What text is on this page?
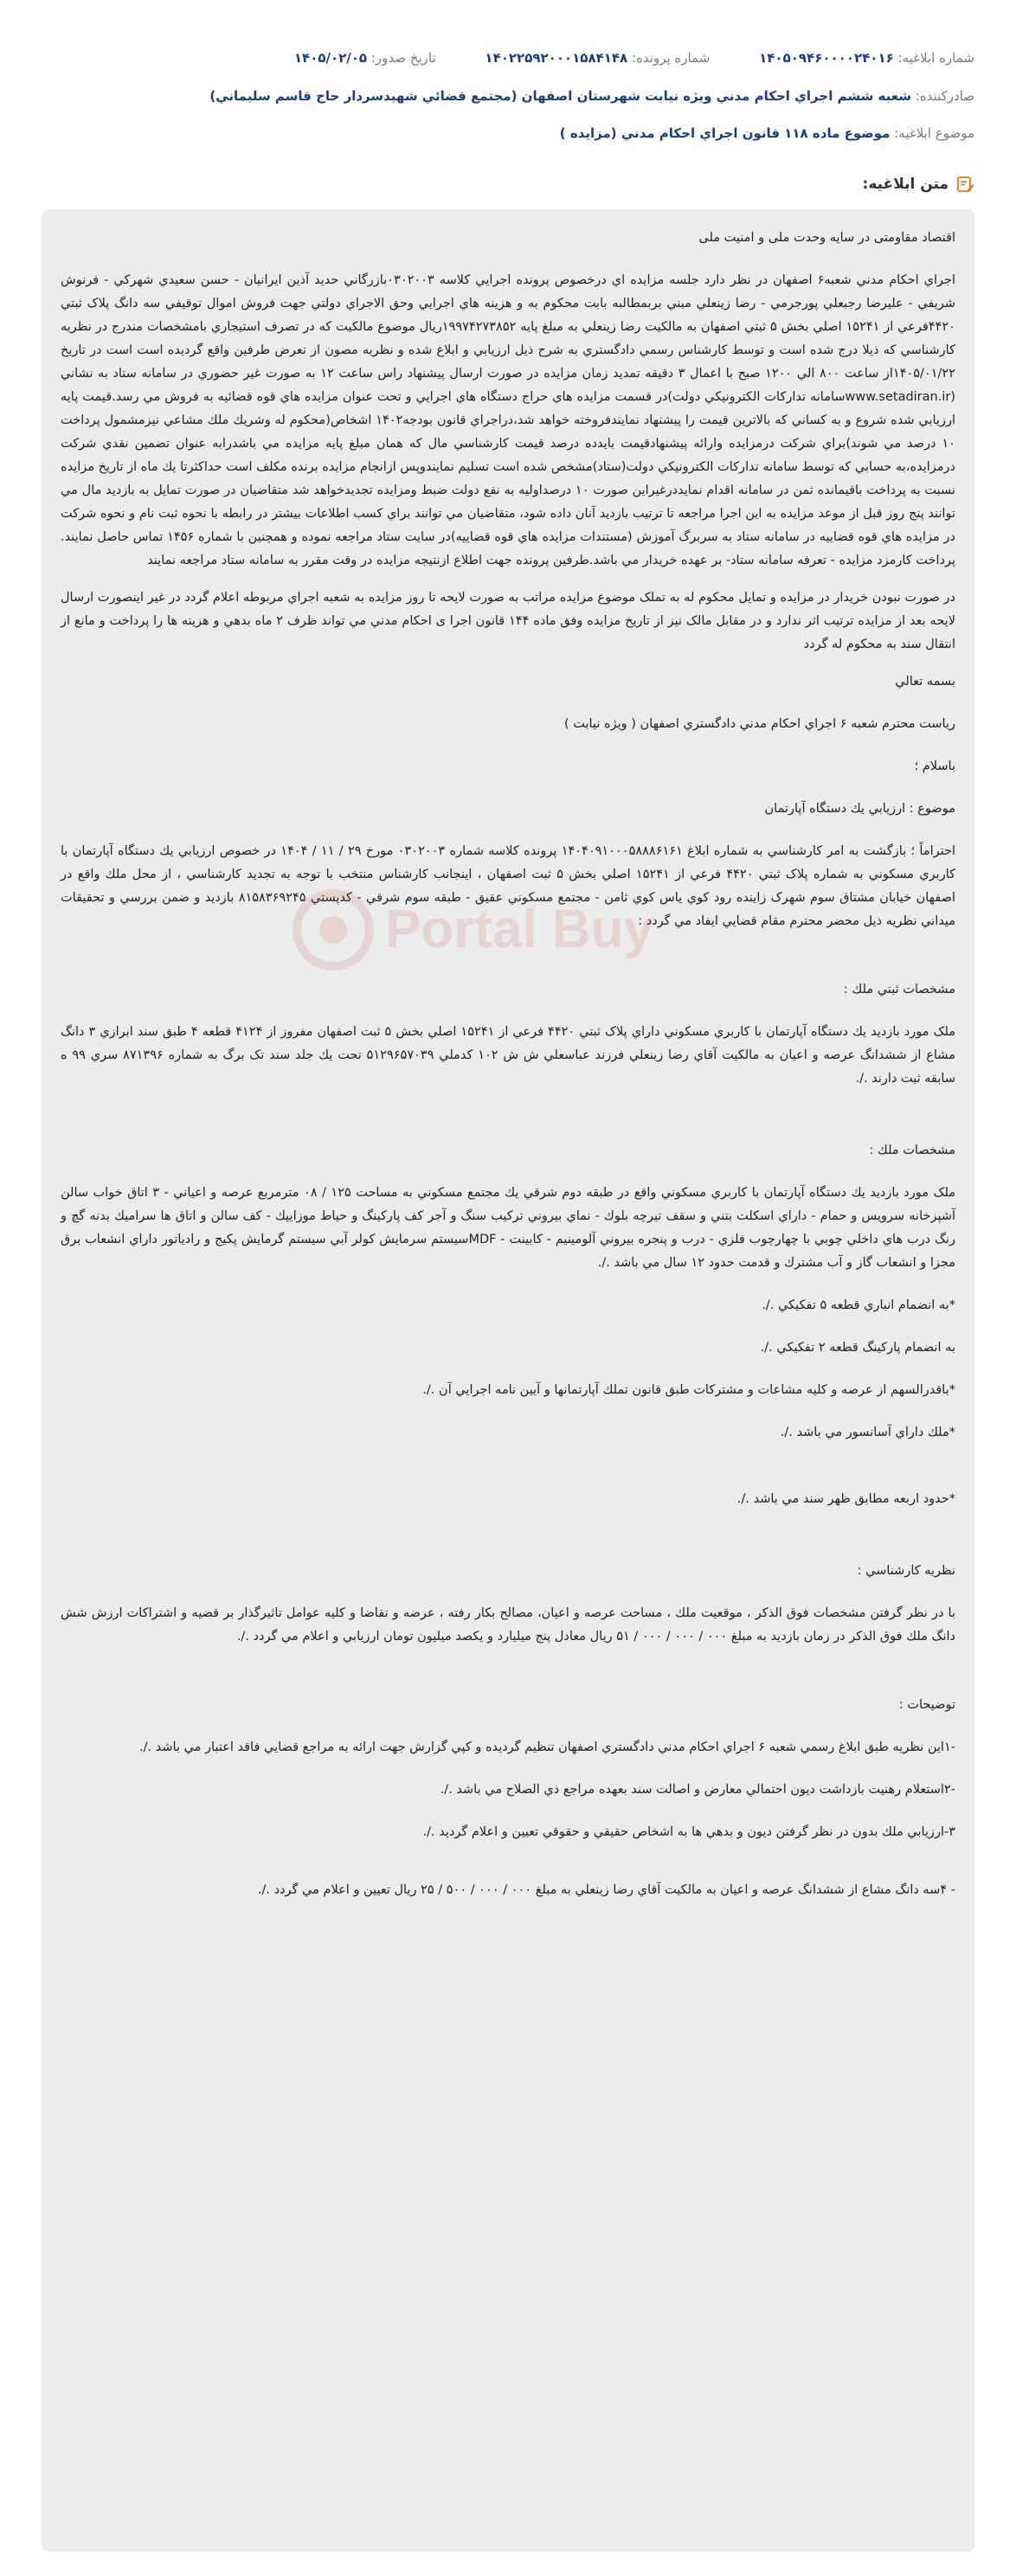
شماره ابلاغیه: ۱۴۰۵۰۹۴۶۰۰۰۰۲۴۰۱۶ شماره پرونده: ۱۴۰۲۲۵۹۲۰۰۰۱۵۸۴۱۴۸ تاریخ صدور: ۱۴۰۵/۰۲/۰۵
صادرکننده: شعبه ششم اجراي احكام مدني ويژه نيابت شهرستان اصفهان (مجتمع قضائي شهيدسردار حاج قاسم سليماني)
موضوع ابلاغیه: موضوع ماده ۱۱۸ قانون اجراي احكام مدني (مزايده )
متن ابلاغیه:

اقتصاد مقاومتی در سایه وحدت ملی و امنیت ملی

اجراي احكام مدني شعبه۶ اصفهان در نظر دارد جلسه مزايده اي درخصوص پرونده اجرايي كلاسه ۰۳۰۲۰۰۳بازرگاني حديد آذين ايرانيان - حسن سعيدي شهركي - فرنوش شريفي - عليرضا رجبعلي پورجرمي - رضا زينعلي مبني بربمطالبه بابت محكوم به و هزينه هاي اجرايي وحق الاجراي دولتي جهت فروش اموال توقيفي سه دانگ پلاک ثبتي ۴۴۲۰فرعي از ۱۵۲۴۱ اصلي بخش ۵ ثبتي اصفهان به مالكيت رضا زينعلي به مبلغ پايه ۱۹۹۷۴۲۷۳۸۵۲ريال موضوع مالكيت كه در تصرف استيجاري بامشخصات مندرج در نظريه كارشناسي كه ذيلا درج شده است و توسط كارشناس رسمي دادگستري به شرح ذيل ارزيابي و ابلاغ شده و نظريه مصون از تعرض طرفين واقع گرديده است است در تاريخ ۱۴۰۵/۰۱/۲۲از ساعت ۸۰۰ الي ۱۲۰۰ صبح با اعمال ۳ دقيقه تمديد زمان مزايده در صورت ارسال پيشنهاد راس ساعت ۱۲ به صورت غير حضوري در سامانه ستاد به نشاني (www.setadiran.irسامانه تداركات الكترونيكي دولت)در قسمت مزايده هاي حراج دستگاه هاي اجرايي و تحت عنوان مزايده هاي قوه قضائيه به فروش مي رسد.قيمت پايه ارزيابي شده شروع و به كساني كه بالاترين قيمت را پيشنهاد نمايندفروخته خواهد شد،دراجراي قانون بودجه۱۴۰۲ اشخاص(محكوم له وشريك ملك مشاعي نيزمشمول پرداخت ۱۰ درصد مي شوند)براي شركت درمزايده وارائه پيشنهادقيمت بايدده درصد قيمت كارشناسي مال كه همان مبلغ پايه مزايده مي باشدرابه عنوان تضمين نقدي شركت درمزايده،به حسابي كه توسط سامانه تداركات الكترونيكي دولت(ستاد)مشخص شده است تسليم نمايندوپس ازانجام مزايده برنده مكلف است حداكثرتا يك ماه از تاريخ مزايده نسبت به پرداخت باقيمانده ثمن در سامانه اقدام نمايددرغيراين صورت ۱۰ درصداوليه به نفع دولت ضبط ومزايده تجديدخواهد شد متقاضيان در صورت تمايل به بازديد مال مي توانند پنج روز قبل از موعد مزايده به اين اجرا مراجعه تا ترتيب بازديد آنان داده شود، متقاضيان مي توانند براي كسب اطلاعات بيشتر در رابطه با نحوه ثبت نام و نحوه شركت در مزايده هاي قوه قضاييه در سامانه ستاد به سربرگ آموزش (مستندات مزايده هاي قوه قضاييه)در سايت ستاد مراجعه نموده و همچنين با شماره ۱۴۵۶ تماس حاصل نمايند. پرداخت كارمزد مزايده - تعرفه سامانه ستاد- بر عهده خريدار مي باشد.طرفين پرونده جهت اطلاع ازنتيجه مزايده در وقت مقرر به سامانه ستاد مراجعه نمايند

در صورت نبودن خريدار در مزايده و تمايل محكوم له به تملک موضوع مزايده مراتب به صورت لايحه تا روز مزايده به شعبه اجراي مربوطه اعلام گردد در غير اينصورت ارسال لايحه بعد از مزايده ترتيب اثر ندارد و در مقابل مالک نيز از تاريخ مزايده وفق ماده ۱۴۴ قانون اجرا ی احكام مدني مي تواند ظرف ۲ ماه بدهي و هزينه ها را پرداخت و مانع از انتقال سند به محكوم له گردد

بسمه تعالي

رياست محترم شعبه ۶ اجراي احكام مدني دادگستري اصفهان ( ويژه نيابت )

باسلام ؛

موضوع : ارزيابي يك دستگاه آپارتمان

احتراماً ؛ بازگشت به امر كارشناسي به شماره ابلاغ ۱۴۰۴۰۹۱۰۰۰۵۸۸۸۶۱۶۱ پرونده كلاسه شماره ۰۳۰۲۰۰۳ مورخ ۲۹ / ۱۱ / ۱۴۰۴ در خصوص ارزيابي يك دستگاه آپارتمان با كاربري مسكوني به شماره پلاک ثبتي ۴۴۲۰ فرعي از ۱۵۲۴۱ اصلي بخش ۵ ثبت اصفهان ، اينجانب كارشناس منتخب با توجه به تجديد كارشناسي ، از محل ملك واقع در اصفهان خيابان مشتاق سوم شهرک زاينده رود کوي ياس کوي ثامن - مجتمع مسکوني عقيق - طبقه سوم شرقي - کدپستي ۸۱۵۸۳۶۹۲۴۵ بازديد و ضمن بررسي و تحقيقات ميداني نظريه ذيل محضر محترم مقام قضايي ايفاد مي گردد :

مشخصات ثبتي ملك :

ملک مورد بازديد يك دستگاه آپارتمان با كاربري مسكوني داراي پلاک ثبتي ۴۴۲۰ فرعي از ۱۵۲۴۱ اصلي بخش ۵ ثبت اصفهان مفروز از ۴۱۲۴ قطعه ۴ طبق سند ابرازي ۳ دانگ مشاع از ششدانگ عرصه و اعيان به مالكيت آقاي رضا زينعلي فرزند عباسعلي ش ش ۱۰۲ کدملي ۵۱۲۹۶۵۷۰۳۹ تحت يك جلد سند تک برگ به شماره ۸۷۱۳۹۶ سري ۹۹ ه سابقه ثبت دارند ./.

مشخصات ملك :

ملک مورد بازديد يك دستگاه آپارتمان با كاربري مسكوني واقع در طبقه دوم شرقي يك مجتمع مسكوني به مساحت ۱۲۵ / ۰۸ مترمربع عرصه و اعياني - ۳ اتاق خواب سالن آشپزخانه سرويس و حمام - داراي اسكلت بتني و سقف تيرچه بلوك - نماي بيروني تركيب سنگ و آجر كف پاركينگ و حياط موزاييك - كف سالن و اتاق ها سراميك بدنه گچ و رنگ درب هاي داخلي چوبي با چهارچوب فلزي - درب و پنجره بيروني آلومينيم - كابينت - MDFسيستم سرمايش كولر آبي سيستم گرمايش پكيج و رادياتور داراي انشعاب برق مجزا و انشعاب گاز و آب مشترك و قدمت حدود ۱۲ سال مي باشد ./.

*به انضمام انباري قطعه ۵ تفكيكي ./.

به انضمام پاركينگ قطعه ۲ تفكيكي ./.

*باقدرالسهم از عرصه و كليه مشاعات و مشتركات طبق قانون تملك آپارتمانها و آيين نامه اجرايي آن ./.

*ملك داراي آسانسور مي باشد ./.

*حدود اربعه مطابق ظهر سند مي باشد ./.

نظريه كارشناسي :

با در نظر گرفتن مشخصات فوق الذكر ، موقعيت ملك ، مساحت عرصه و اعيان، مصالح بكار رفته ، عرضه و تقاضا و كليه عوامل تاثيرگذار بر قضيه و اشتراكات ارزش شش دانگ ملك فوق الذكر در زمان بازديد به مبلغ ۰۰۰ / ۰۰۰ / ۰۰۰ / ۵۱ ريال معادل پنج ميليارد و يكصد ميليون تومان ارزيابي و اعلام مي گردد ./.

توضيحات :

-۱اين نظريه طبق ابلاغ رسمي شعبه ۶ اجراي احكام مدني دادگستري اصفهان تنظيم گرديده و كپي گزارش جهت ارائه به مراجع قضايي فاقد اعتبار مي باشد ./.

-۲استعلام رهنيت بازداشت ديون احتمالي معارض و اصالت سند بعهده مراجع ذي الصلاح مي باشد ./.

۳-ارزيابي ملك بدون در نظر گرفتن ديون و بدهي ها به اشخاص حقيقي و حقوقي تعيين و اعلام گرديد ./.

- ۴سه دانگ مشاع از ششدانگ عرصه و اعيان به مالكيت آقاي رضا زينعلي به مبلغ ۰۰۰ / ۰۰۰ / ۵۰۰ / ۲۵ ريال تعيين و اعلام مي گردد ./.
